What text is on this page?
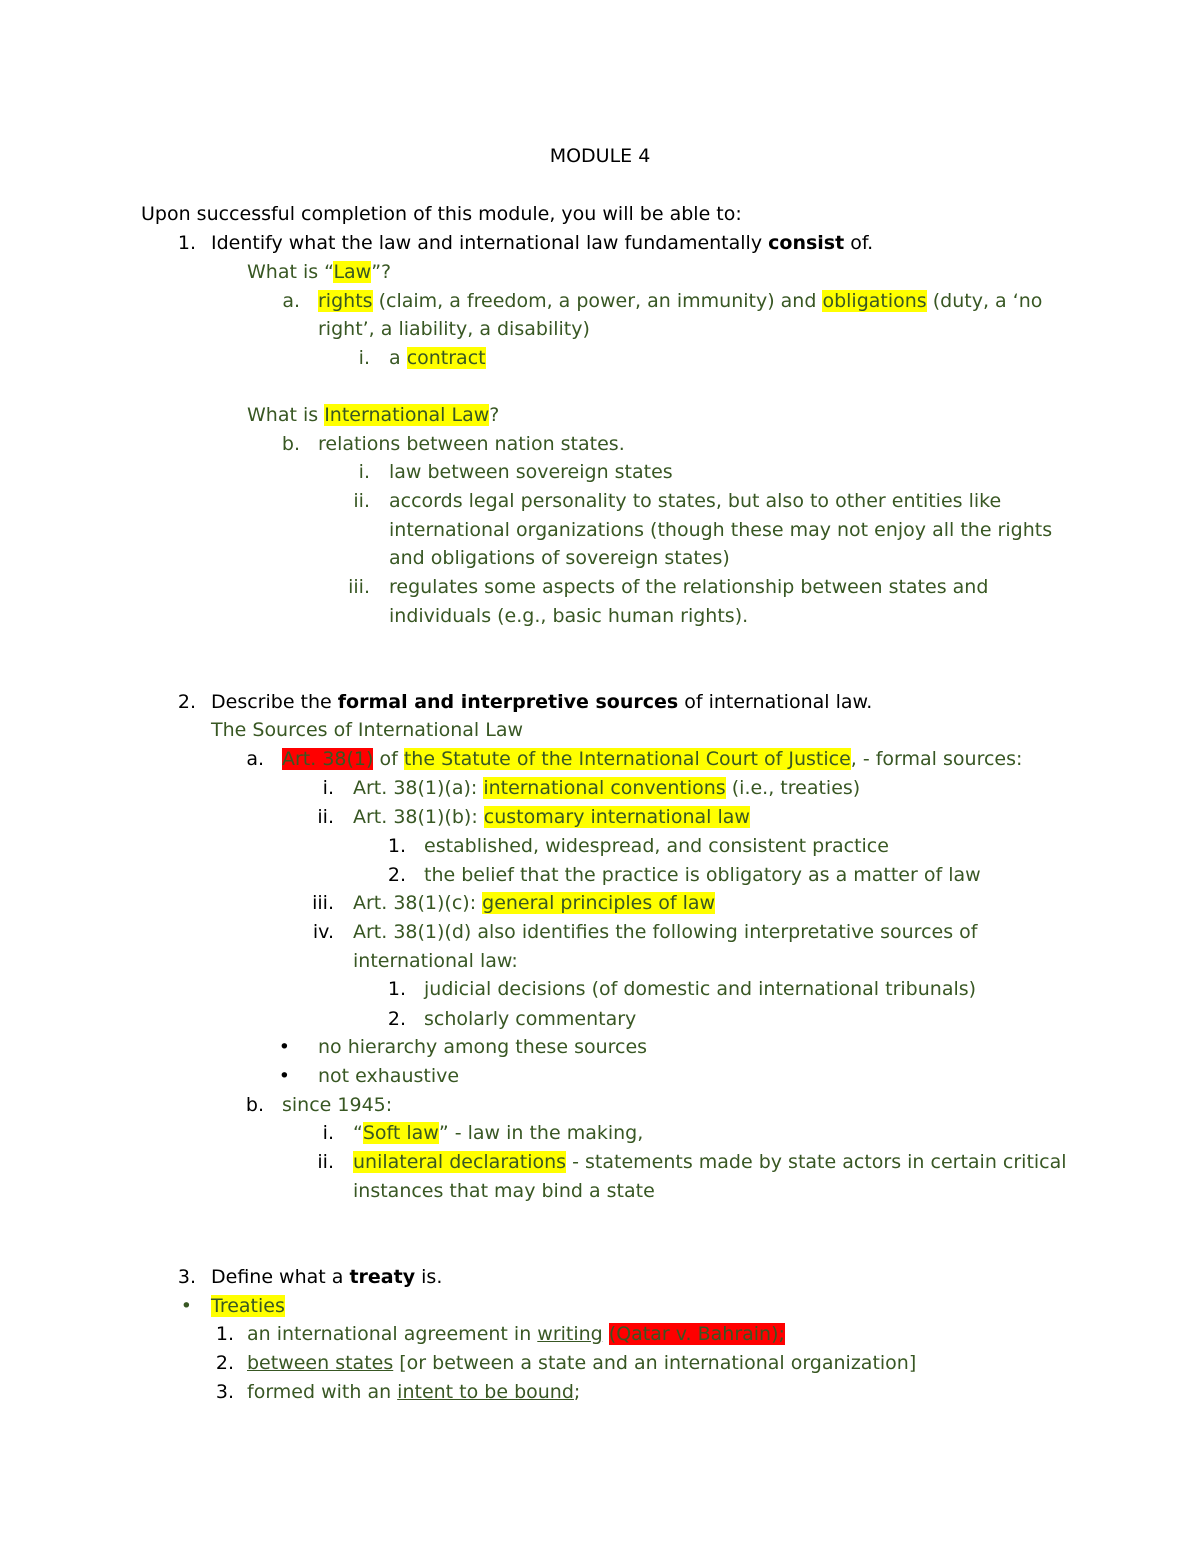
MODULE 4
Upon successful completion of this module, you will be able to:
1. Identify what the law and international law fundamentally consist of.
What is “Law”?
a. rights (claim, a freedom, a power, an immunity) and obligations (duty, a ‘no
right’, a liability, a disability)
i. a contract
What is International Law?
b. relations between nation states.
i. law between sovereign states
ii. accords legal personality to states, but also to other entities like
international organizations (though these may not enjoy all the rights
and obligations of sovereign states)
iii. regulates some aspects of the relationship between states and
individuals (e.g., basic human rights).
2. Describe the formal and interpretive sources of international law.
The Sources of International Law
a. Art. 38(1) of the Statute of the International Court of Justice, - formal sources:
i. Art. 38(1)(a): international conventions (i.e., treaties)
ii. Art. 38(1)(b): customary international law
1. established, widespread, and consistent practice
2. the belief that the practice is obligatory as a matter of law
iii. Art. 38(1)(c): general principles of law
iv. Art. 38(1)(d) also identifies the following interpretative sources of
international law:
1. judicial decisions (of domestic and international tribunals)
2. scholarly commentary
• no hierarchy among these sources
• not exhaustive
b. since 1945:
i. “Soft law” - law in the making,
ii. unilateral declarations - statements made by state actors in certain critical
instances that may bind a state
3. Define what a treaty is.
• Treaties
1. an international agreement in writing (Qatar v. Bahrain);
2. between states [or between a state and an international organization]
3. formed with an intent to be bound;
